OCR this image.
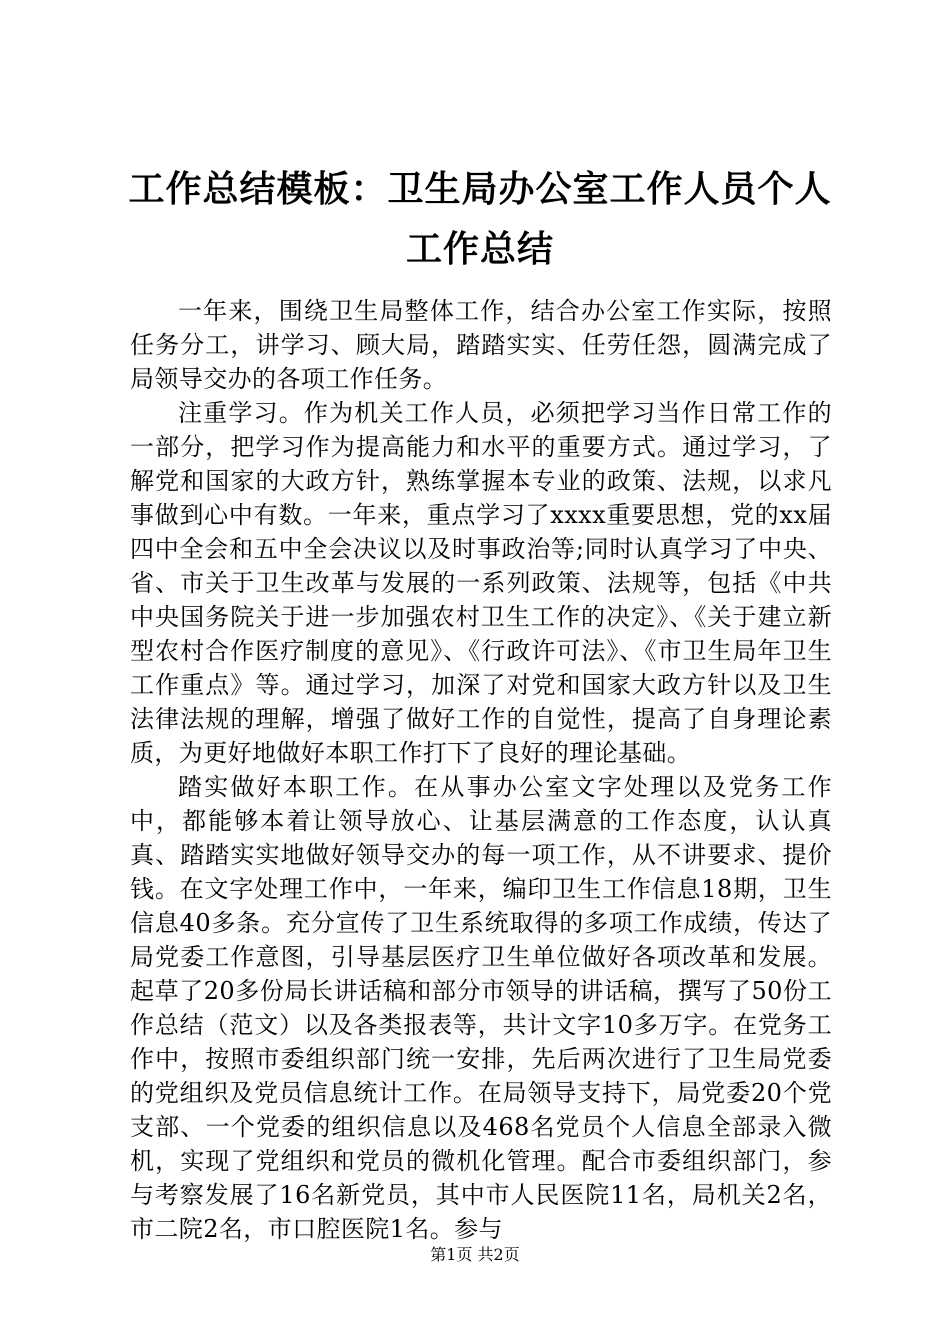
工作总结模板：卫生局办公室工作人员个人工作总结

一年来，围绕卫生局整体工作，结合办公室工作实际，按照任务分工，讲学习、顾大局，踏踏实实、任劳任怨，圆满完成了局领导交办的各项工作任务。

注重学习。作为机关工作人员，必须把学习当作日常工作的一部分，把学习作为提高能力和水平的重要方式。通过学习，了解党和国家的大政方针，熟练掌握本专业的政策、法规，以求凡事做到心中有数。一年来，重点学习了xxxx重要思想，党的xx届四中全会和五中全会决议以及时事政治等;同时认真学习了中央、省、市关于卫生改革与发展的一系列政策、法规等，包括《中共中央国务院关于进一步加强农村卫生工作的决定》、《关于建立新型农村合作医疗制度的意见》、《行政许可法》、《市卫生局年卫生工作重点》等。通过学习，加深了对党和国家大政方针以及卫生法律法规的理解，增强了做好工作的自觉性，提高了自身理论素质，为更好地做好本职工作打下了良好的理论基础。

踏实做好本职工作。在从事办公室文字处理以及党务工作中，都能够本着让领导放心、让基层满意的工作态度，认认真真、踏踏实实地做好领导交办的每一项工作，从不讲要求、提价钱。在文字处理工作中，一年来，编印卫生工作信息18期，卫生信息40多条。充分宣传了卫生系统取得的多项工作成绩，传达了局党委工作意图，引导基层医疗卫生单位做好各项改革和发展。起草了20多份局长讲话稿和部分市领导的讲话稿，撰写了50份工作总结（范文）以及各类报表等，共计文字10多万字。在党务工作中，按照市委组织部门统一安排，先后两次进行了卫生局党委的党组织及党员信息统计工作。在局领导支持下，局党委20个党支部、一个党委的组织信息以及468名党员个人信息全部录入微机，实现了党组织和党员的微机化管理。配合市委组织部门，参与考察发展了16名新党员，其中市人民医院11名，局机关2名，市二院2名，市口腔医院1名。参与

第1页 共2页
